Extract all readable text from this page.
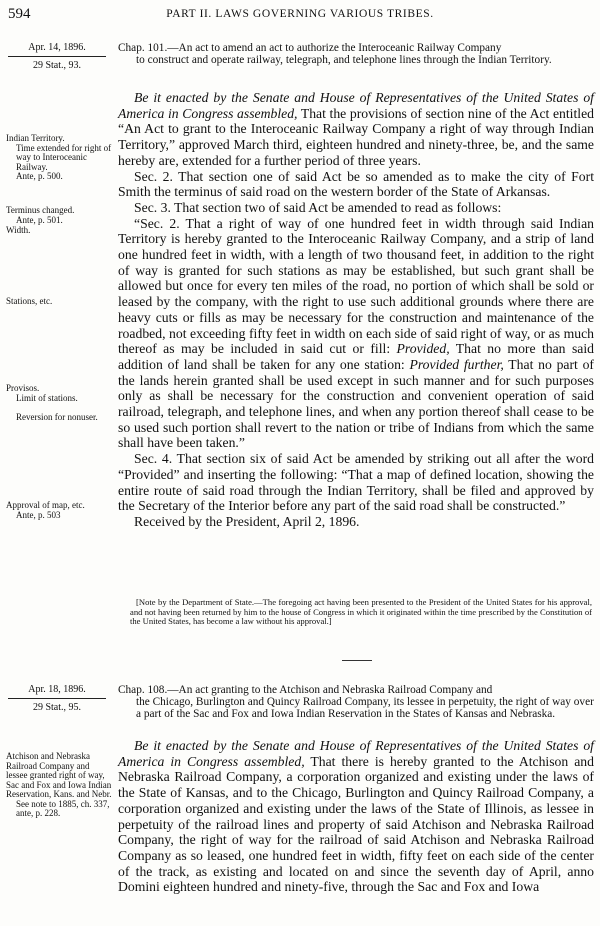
594	PART II. LAWS GOVERNING VARIOUS TRIBES.
Apr. 14, 1896.
29 Stat., 93.
Chap. 101.—An act to amend an act to authorize the Interoceanic Railway Company
to construct and operate railway, telegraph, and telephone lines through the Indian Territory.
Indian Territory.

Time extended for right of way to Interoceanic Railway.
Ante, p. 500.
Terminus changed.

Ante, p. 501.
Width.
Stations, etc.
Provisos.

Limit of stations.

Reversion for nonuser.
Approval of map, etc.

Ante, p. 503

Be it enacted by the Senate and House of Representatives of the United States of America in Congress assembled, That the provisions of section nine of the Act entitled “An Act to grant to the Interoceanic Railway Company a right of way through Indian Territory,” approved March third, eighteen hundred and ninety-three, be, and the same hereby are, extended for a further period of three years.

Sec. 2. That section one of said Act be so amended as to make the city of Fort Smith the terminus of said road on the western border of the State of Arkansas.

Sec. 3. That section two of said Act be amended to read as follows:

“Sec. 2. That a right of way of one hundred feet in width through said Indian Territory is hereby granted to the Interoceanic Railway Company, and a strip of land one hundred feet in width, with a length of two thousand feet, in addition to the right of way is granted for such stations as may be established, but such grant shall be allowed but once for every ten miles of the road, no portion of which shall be sold or leased by the company, with the right to use such additional grounds where there are heavy cuts or fills as may be necessary for the construction and maintenance of the roadbed, not exceeding fifty feet in width on each side of said right of way, or as much thereof as may be included in said cut or fill: Provided, That no more than said addition of land shall be taken for any one station: Provided further, That no part of the lands herein granted shall be used except in such manner and for such purposes only as shall be necessary for the construction and convenient operation of said railroad, telegraph, and telephone lines, and when any portion thereof shall cease to be so used such portion shall revert to the nation or tribe of Indians from which the same shall have been taken.”

Sec. 4. That section six of said Act be amended by striking out all after the word “Provided” and inserting the following: “That a map of defined location, showing the entire route of said road through the Indian Territory, shall be filed and approved by the Secretary of the Interior before any part of the said road shall be constructed.”

Received by the President, April 2, 1896.

[Note by the Department of State.—The foregoing act having been presented to the President of the United States for his approval, and not having been returned by him to the house of Congress in which it originated within the time prescribed by the Constitution of the United States, has become a law without his approval.]
Apr. 18, 1896.
29 Stat., 95.
Chap. 108.—An act granting to the Atchison and Nebraska Railroad Company and
the Chicago, Burlington and Quincy Railroad Company, its lessee in perpetuity, the right of way over a part of the Sac and Fox and Iowa Indian Reservation in the States of Kansas and Nebraska.
Atchison and Nebraska Railroad Company and lessee granted right of way, Sac and Fox and Iowa Indian Reservation, Kans. and Nebr.

See note to 1885, ch. 337, ante, p. 228.

Be it enacted by the Senate and House of Representatives of the United States of America in Congress assembled, That there is hereby granted to the Atchison and Nebraska Railroad Company, a corporation organized and existing under the laws of the State of Kansas, and to the Chicago, Burlington and Quincy Railroad Company, a corporation organized and existing under the laws of the State of Illinois, as lessee in perpetuity of the railroad lines and property of said Atchison and Nebraska Railroad Company, the right of way for the railroad of said Atchison and Nebraska Railroad Company as so leased, one hundred feet in width, fifty feet on each side of the center of the track, as existing and located on and since the seventh day of April, anno Domini eighteen hundred and ninety-five, through the Sac and Fox and Iowa
